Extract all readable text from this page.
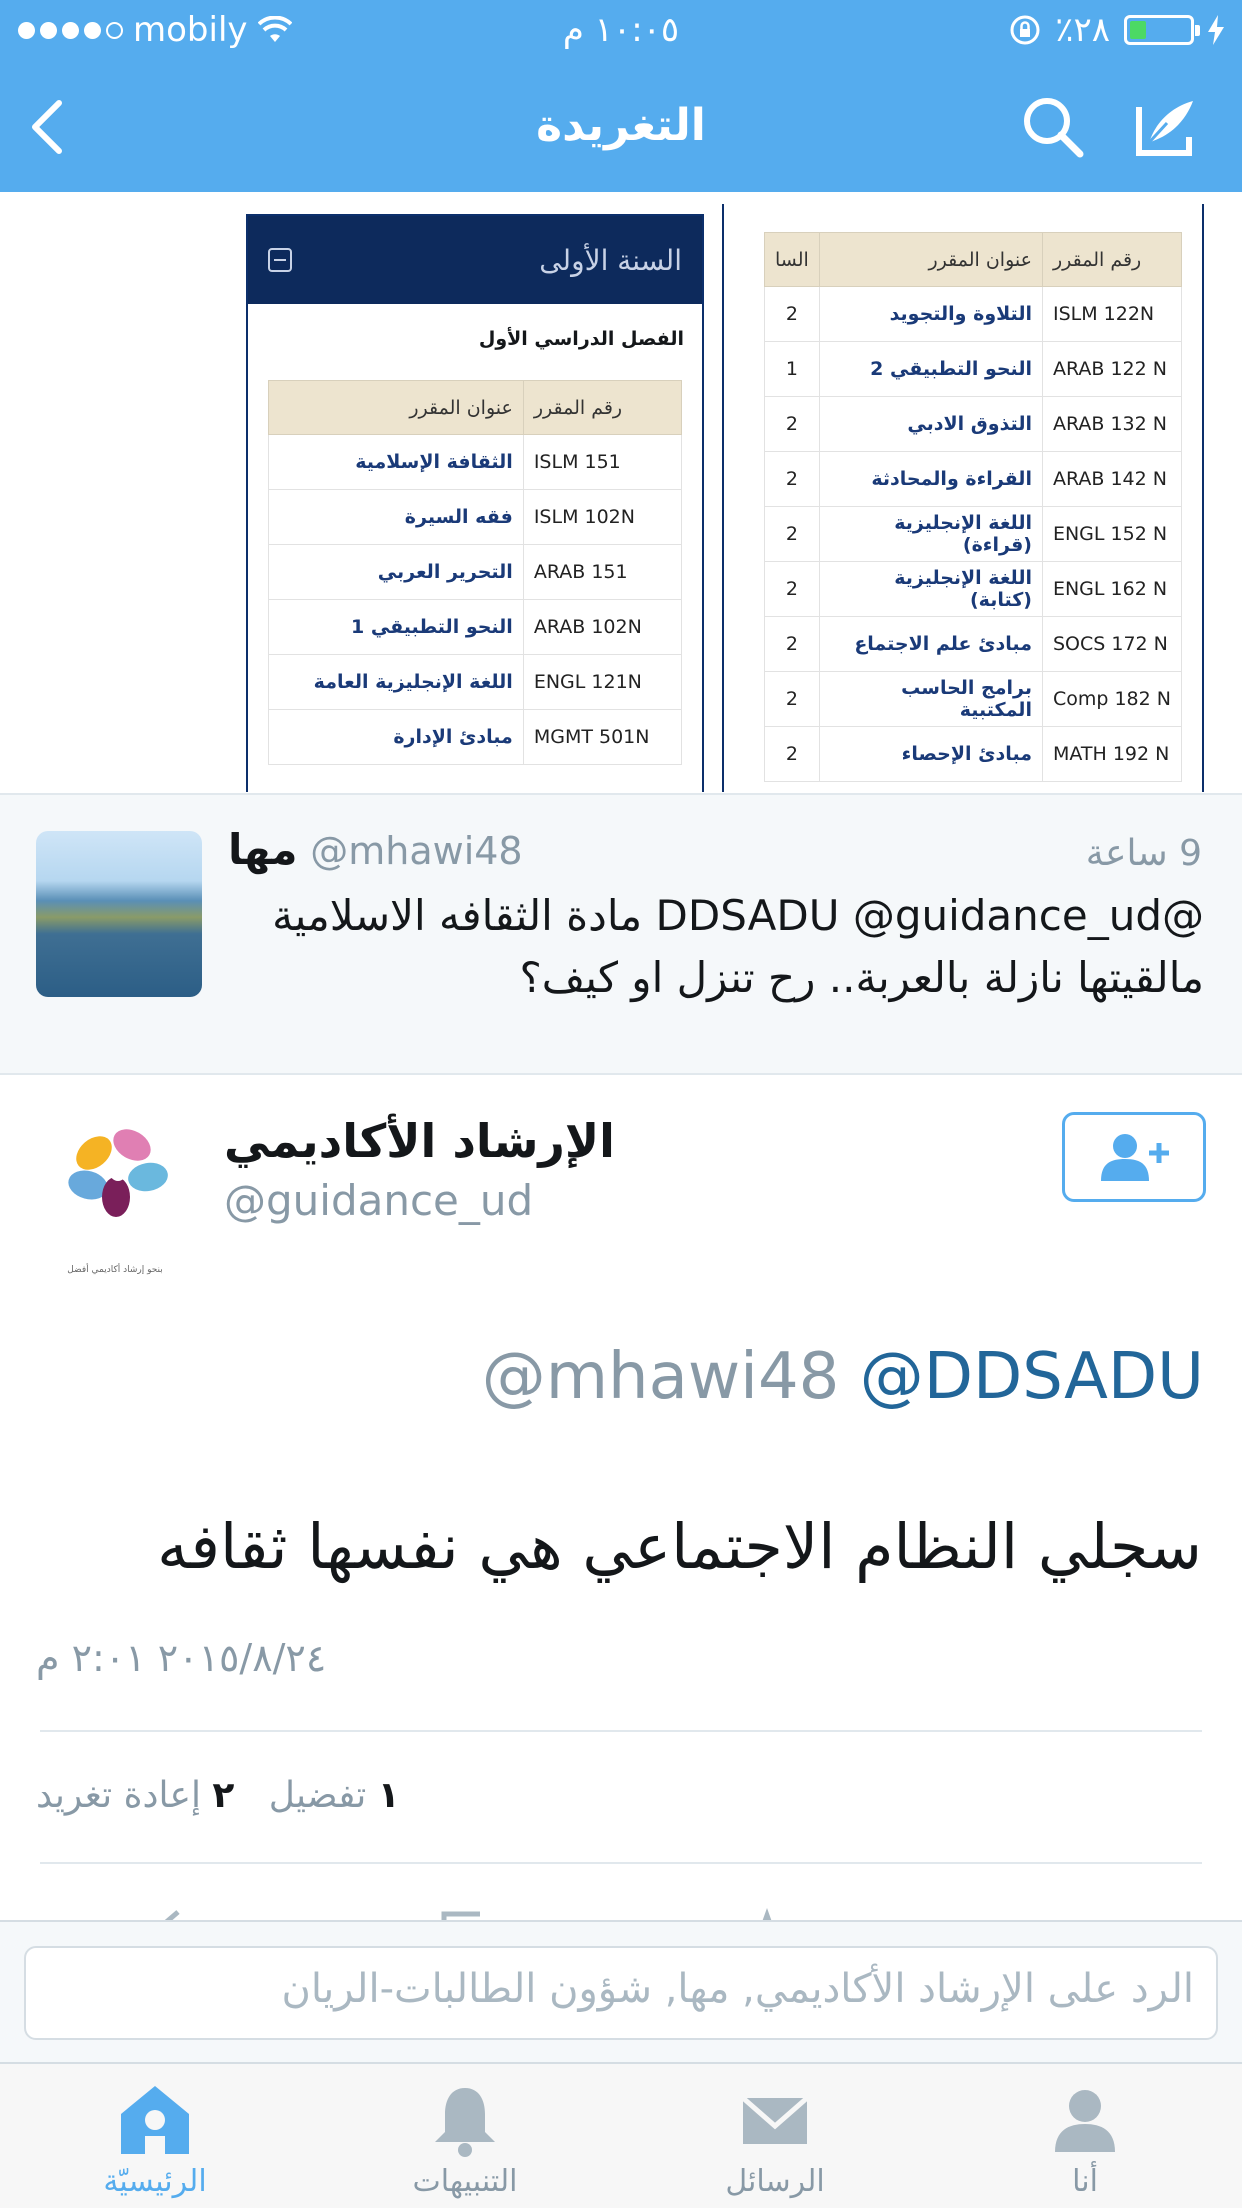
mobily	١٠:٠٥ م	٪٢٨
التغريدة
السنة الأولى
الفصل الدراسي الأول
عنوان المقرر	رقم المقرر
الثقافة الإسلامية	ISLM 151
فقه السيرة	ISLM 102N
التحرير العربي	ARAB 151
النحو التطبيقي 1	ARAB 102N
اللغة الإنجليزية العامة	ENGL 121N
مبادئ الإدارة	MGMT 501N
السا	عنوان المقرر	رقم المقرر
2	التلاوة والتجويد	ISLM 122N
1	النحو التطبيقي 2	ARAB 122 N
2	التذوق الادبي	ARAB 132 N
2	القراءة والمحادثة	ARAB 142 N
2	اللغة الإنجليزية (قراءة)	ENGL 152 N
2	اللغة الإنجليزية (كتابة)	ENGL 162 N
2	مبادئ علم الاجتماع	SOCS 172 N
2	برامج الحاسب المكتبية	Comp 182 N
2	مبادئ الإحصاء	MATH 192 N
9 ساعة
مها @mhawi48
@DDSADU @guidance_ud مادة الثقافه الاسلامية
مالقيتها نازلة بالعربة.. رح تنزل او كيف؟
بنحو إرشاد أكاديمي أفضل
الإرشاد الأكاديمي
@guidance_ud
@mhawi48 @DDSADU
سجلي النظام الاجتماعي هي نفسها ثقافه
٢٠١٥/٨/٢٤ ٢:٠١ م
١ تفضيل   ٢ إعادة تغريد
الرد على الإرشاد الأكاديمي, مها, شؤون الطالبات-الريان
الرئيسيّة	التنبيهات	الرسائل	أنا
